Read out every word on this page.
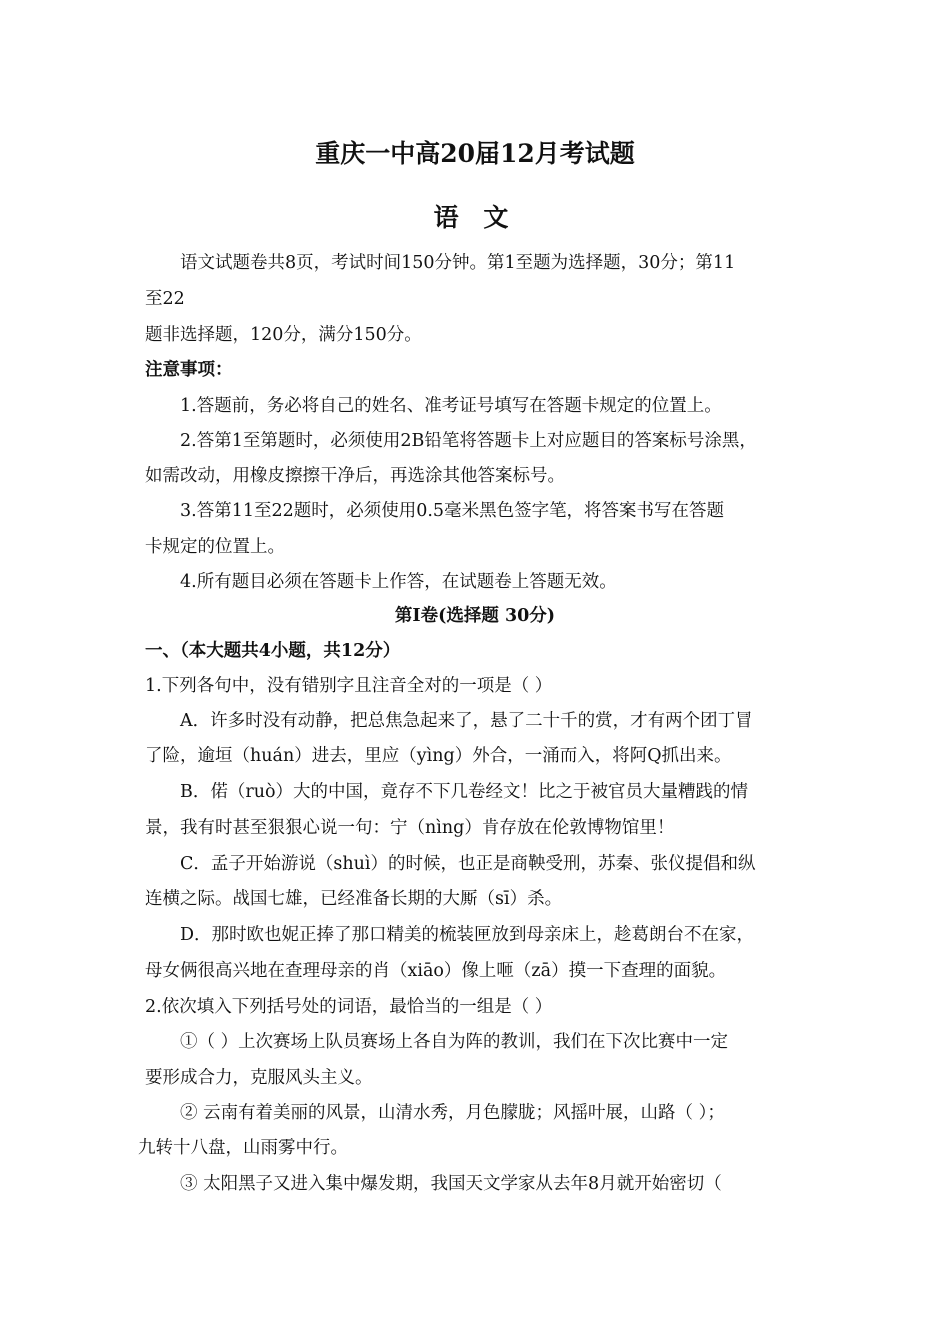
重庆一中高20届12月考试题
语 文
语文试题卷共8页，考试时间150分钟。第1至题为选择题，30分；第11
至22
题非选择题，120分，满分150分。
注意事项：
1.答题前，务必将自己的姓名、准考证号填写在答题卡规定的位置上。
2.答第1至第题时，必须使用2B铅笔将答题卡上对应题目的答案标号涂黑，
如需改动，用橡皮擦擦干净后，再选涂其他答案标号。
3.答第11至22题时，必须使用0.5毫米黑色签字笔，将答案书写在答题
卡规定的位置上。
4.所有题目必须在答题卡上作答，在试题卷上答题无效。
第Ⅰ卷(选择题 30分)
一、（本大题共4小题，共12分）
1.下列各句中，没有错别字且注音全对的一项是（ ）
A．许多时没有动静，把总焦急起来了，悬了二十千的赏，才有两个团丁冒
了险，逾垣（huán）进去，里应（yìng）外合，一涌而入，将阿Q抓出来。
B．偌（ruò）大的中国，竟存不下几卷经文！比之于被官员大量糟践的情
景，我有时甚至狠狠心说一句：宁（nìng）肯存放在伦敦博物馆里！
C．孟子开始游说（shuì）的时候，也正是商鞅受刑，苏秦、张仪提倡和纵
连横之际。战国七雄，已经准备长期的大厮（sī）杀。
D．那时欧也妮正捧了那口精美的梳装匣放到母亲床上，趁葛朗台不在家，
母女俩很高兴地在查理母亲的肖（xiāo）像上咂（zā）摸一下查理的面貌。
2.依次填入下列括号处的词语，最恰当的一组是（ ）
①（ ）上次赛场上队员赛场上各自为阵的教训，我们在下次比赛中一定
要形成合力，克服风头主义。
② 云南有着美丽的风景，山清水秀，月色朦胧；风摇叶展，山路（ ）；
九转十八盘，山雨雾中行。
③ 太阳黑子又进入集中爆发期，我国天文学家从去年8月就开始密切（
